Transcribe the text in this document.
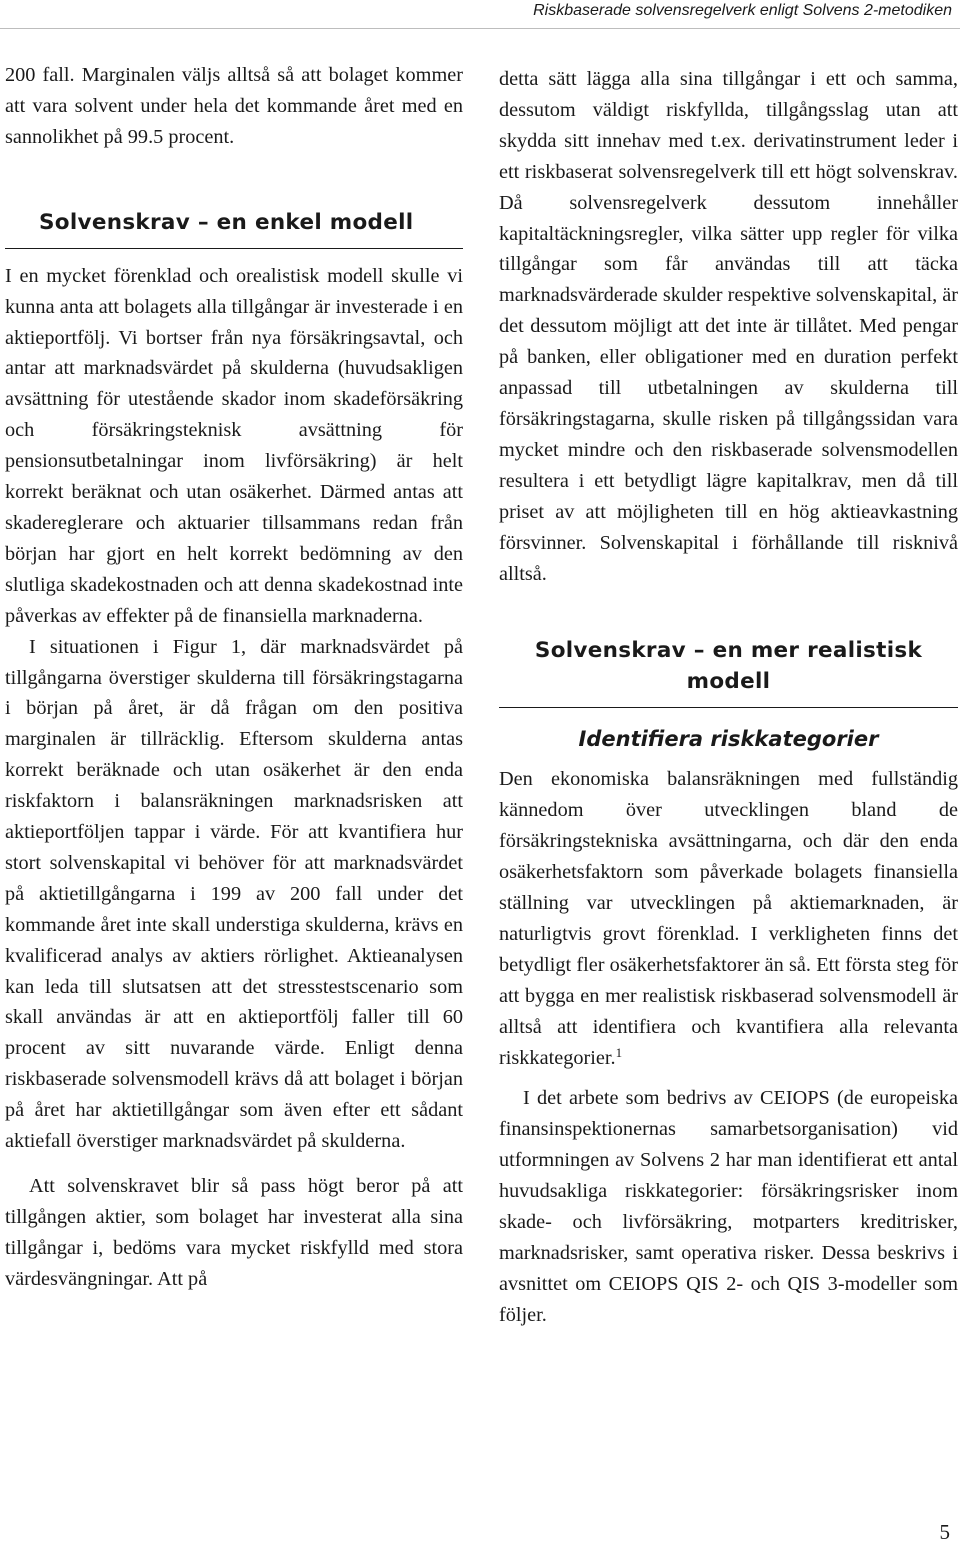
Riskbaserade solvensregelverk enligt Solvens 2-metodiken

200 fall. Marginalen väljs alltså så att bolaget kommer att vara solvent under hela det kommande året med en sannolikhet på 99.5 procent.

Solvenskrav – en enkel modell

I en mycket förenklad och orealistisk modell skulle vi kunna anta att bolagets alla tillgångar är investerade i en aktieportfölj. Vi bortser från nya försäkringsavtal, och antar att marknadsvärdet på skulderna (huvudsakligen avsättning för utestående skador inom skadeförsäkring och försäkringsteknisk avsättning för pensionsutbetalningar inom livförsäkring) är helt korrekt beräknat och utan osäkerhet. Därmed antas att skadereglerare och aktuarier tillsammans redan från början har gjort en helt korrekt bedömning av den slutliga skadekostnaden och att denna skadekostnad inte påverkas av effekter på de finansiella marknaderna.

I situationen i Figur 1, där marknadsvärdet på tillgångarna överstiger skulderna till försäkringstagarna i början på året, är då frågan om den positiva marginalen är tillräcklig. Eftersom skulderna antas korrekt beräknade och utan osäkerhet är den enda riskfaktorn i balansräkningen marknadsrisken att aktieportföljen tappar i värde. För att kvantifiera hur stort solvenskapital vi behöver för att marknadsvärdet på aktietillgångarna i 199 av 200 fall under det kommande året inte skall understiga skulderna, krävs en kvalificerad analys av aktiers rörlighet. Aktieanalysen kan leda till slutsatsen att det stresstestscenario som skall användas är att en aktieportfölj faller till 60 procent av sitt nuvarande värde. Enligt denna riskbaserade solvensmodell krävs då att bolaget i början på året har aktietillgångar som även efter ett sådant aktiefall överstiger marknadsvärdet på skulderna.

Att solvenskravet blir så pass högt beror på att tillgången aktier, som bolaget har investerat alla sina tillgångar i, bedöms vara mycket riskfylld med stora värdesvängningar. Att på

detta sätt lägga alla sina tillgångar i ett och samma, dessutom väldigt riskfyllda, tillgångsslag utan att skydda sitt innehav med t.ex. derivatinstrument leder i ett riskbaserat solvensregelverk till ett högt solvenskrav. Då solvensregelverk dessutom innehåller kapitaltäckningsregler, vilka sätter upp regler för vilka tillgångar som får användas till att täcka marknadsvärderade skulder respektive solvenskapital, är det dessutom möjligt att det inte är tillåtet. Med pengar på banken, eller obligationer med en duration perfekt anpassad till utbetalningen av skulderna till försäkringstagarna, skulle risken på tillgångssidan vara mycket mindre och den riskbaserade solvensmodellen resultera i ett betydligt lägre kapitalkrav, men då till priset av att möjligheten till en hög aktieavkastning försvinner. Solvenskapital i förhållande till risknivå alltså.

Solvenskrav – en mer realistisk modell
Identifiera riskkategorier

Den ekonomiska balansräkningen med fullständig kännedom över utvecklingen bland de försäkringstekniska avsättningarna, och där den enda osäkerhetsfaktorn som påverkade bolagets finansiella ställning var utvecklingen på aktiemarknaden, är naturligtvis grovt förenklad. I verkligheten finns det betydligt fler osäkerhetsfaktorer än så. Ett första steg för att bygga en mer realistisk riskbaserad solvensmodell är alltså att identifiera och kvantifiera alla relevanta riskkategorier.$^1$

I det arbete som bedrivs av CEIOPS (de europeiska finansinspektionernas samarbetsorganisation) vid utformningen av Solvens 2 har man identifierat ett antal huvudsakliga riskkategorier: försäkringsrisker inom skade- och livförsäkring, motparters kreditrisker, marknadsrisker, samt operativa risker. Dessa beskrivs i avsnittet om CEIOPS QIS 2- och QIS 3-modeller som följer.

5
